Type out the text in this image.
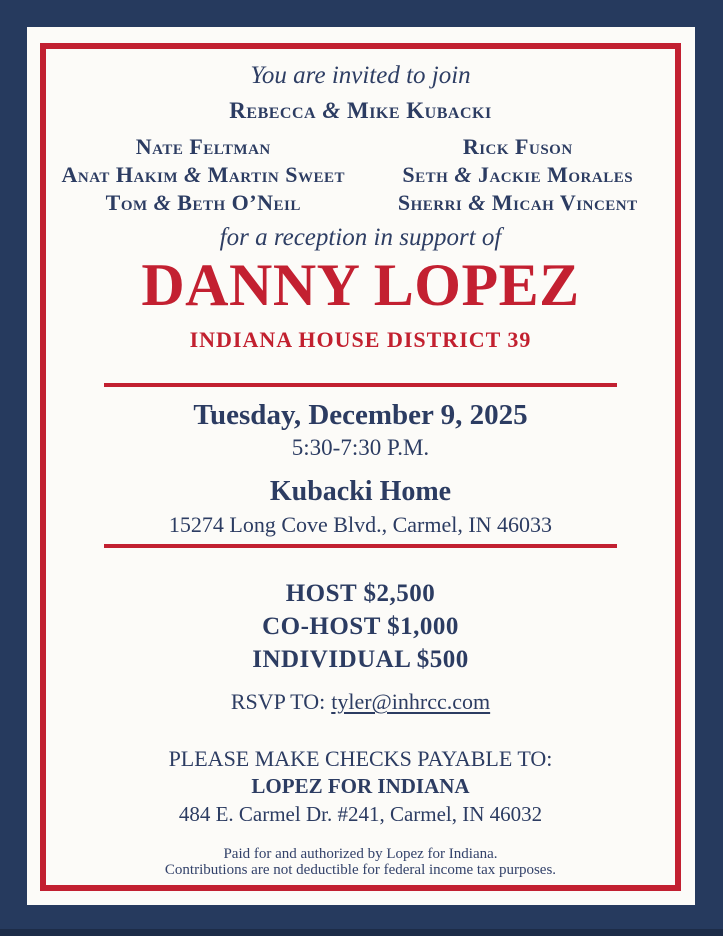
You are invited to join

Rebecca & Mike Kubacki

Nate Feltman

Anat Hakim & Martin Sweet

Tom & Beth O’Neil

Rick Fuson

Seth & Jackie Morales

Sherri & Micah Vincent

for a reception in support of

DANNY LOPEZ
INDIANA HOUSE DISTRICT 39

Tuesday, December 9, 2025

5:30-7:30 P.M.

Kubacki Home

15274 Long Cove Blvd., Carmel, IN 46033

HOST $2,500

CO-HOST $1,000

INDIVIDUAL $500

RSVP TO: tyler@inhrcc.com

PLEASE MAKE CHECKS PAYABLE TO:

LOPEZ FOR INDIANA

484 E. Carmel Dr. #241, Carmel, IN 46032

Paid for and authorized by Lopez for Indiana.

Contributions are not deductible for federal income tax purposes.
